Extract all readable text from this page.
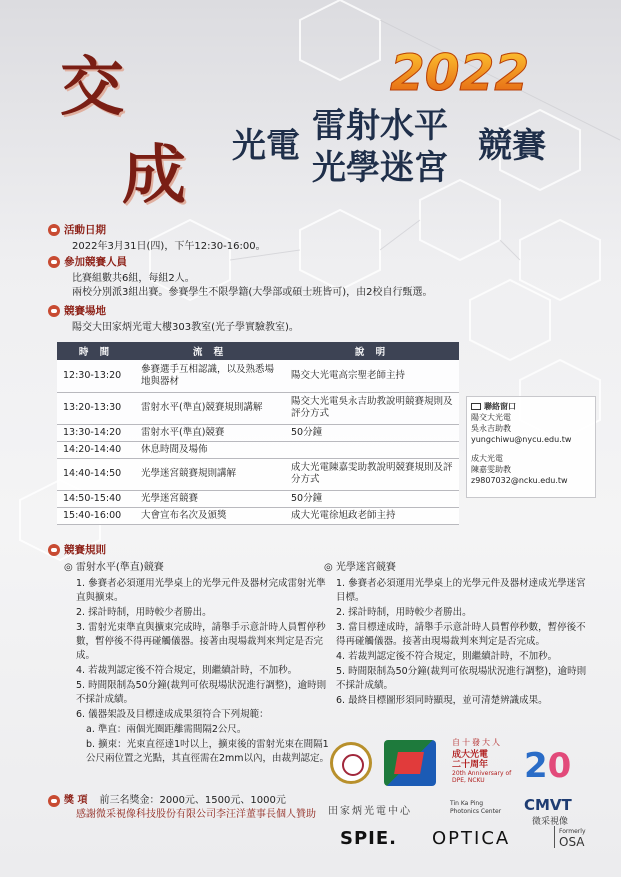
交
成
2022
光電 雷射水平
光學迷宮
競賽
活動日期
2022年3月31日(四)，下午12:30-16:00。
參加競賽人員
比賽組數共6組，每組2人。
兩校分別派3組出賽。參賽學生不限學籍(大學部或碩士班皆可)，由2校自行甄選。
競賽場地
陽交大田家炳光電大樓303教室(光子學實驗教室)。
時 間	流 程	說 明
12:30-13:20	參賽選手互相認識，以及熟悉場地與器材	陽交大光電高宗聖老師主持
13:20-13:30	雷射水平(準直)競賽規則講解	陽交大光電吳永吉助教說明競賽規則及評分方式
13:30-14:20	雷射水平(準直)競賽	50分鐘
14:20-14:40	休息時間及場佈	
14:40-14:50	光學迷宮競賽規則講解	成大光電陳嘉雯助教說明競賽規則及評分方式
14:50-15:40	光學迷宮競賽	50分鐘
15:40-16:00	大會宣布名次及頒獎	成大光電徐旭政老師主持
聯絡窗口

陽交大光電

吳永吉助教

yungchiwu@nycu.edu.tw

成大光電

陳嘉雯助教

z9807032@ncku.edu.tw

競賽規則
◎ 雷射水平(準直)競賽
1. 參賽者必須運用光學桌上的光學元件及器材完成雷射光準直與擴束。
2. 採計時制，用時較少者勝出。
3. 雷射光束準直與擴束完成時，請舉手示意計時人員暫停秒數，暫停後不得再碰觸儀器。接著由現場裁判來判定是否完成。
4. 若裁判認定後不符合規定，則繼續計時，不加秒。
5. 時間限制為50分鐘(裁判可依現場狀況進行調整)，逾時則不採計成績。
6. 儀器架設及目標達成成果須符合下列規範：
a. 準直：兩個光圈距離需間隔2公尺。
b. 擴束：光束直徑達1吋以上，擴束後的雷射光束在間隔1公尺兩位置之光點，其直徑需在2mm以內，由裁判認定。
◎ 光學迷宮競賽
1. 參賽者必須運用光學桌上的光學元件及器材達成光學迷宮目標。
2. 採計時制，用時較少者勝出。
3. 當目標達成時，請舉手示意計時人員暫停秒數，暫停後不得再碰觸儀器。接著由現場裁判來判定是否完成。
4. 若裁判認定後不符合規定，則繼續計時，不加秒。
5. 時間限制為50分鐘(裁判可依現場狀況進行調整)，逾時則不採計成績。
6. 最終目標圖形須同時顯現，並可清楚辨識成果。
獎 項 前三名獎金：2000元、1500元、1000元
感謝微采視像科技股份有限公司李汪洋董事長個人贊助
自 十 發 大 人
成大光電
二十周年
20th Anniversary of DPE, NCKU	20
田家炳光電中心
Tin Ka Ping Photonics Center	CMVT
微采視像
SPIE. OPTICA	Formerly
OSA
